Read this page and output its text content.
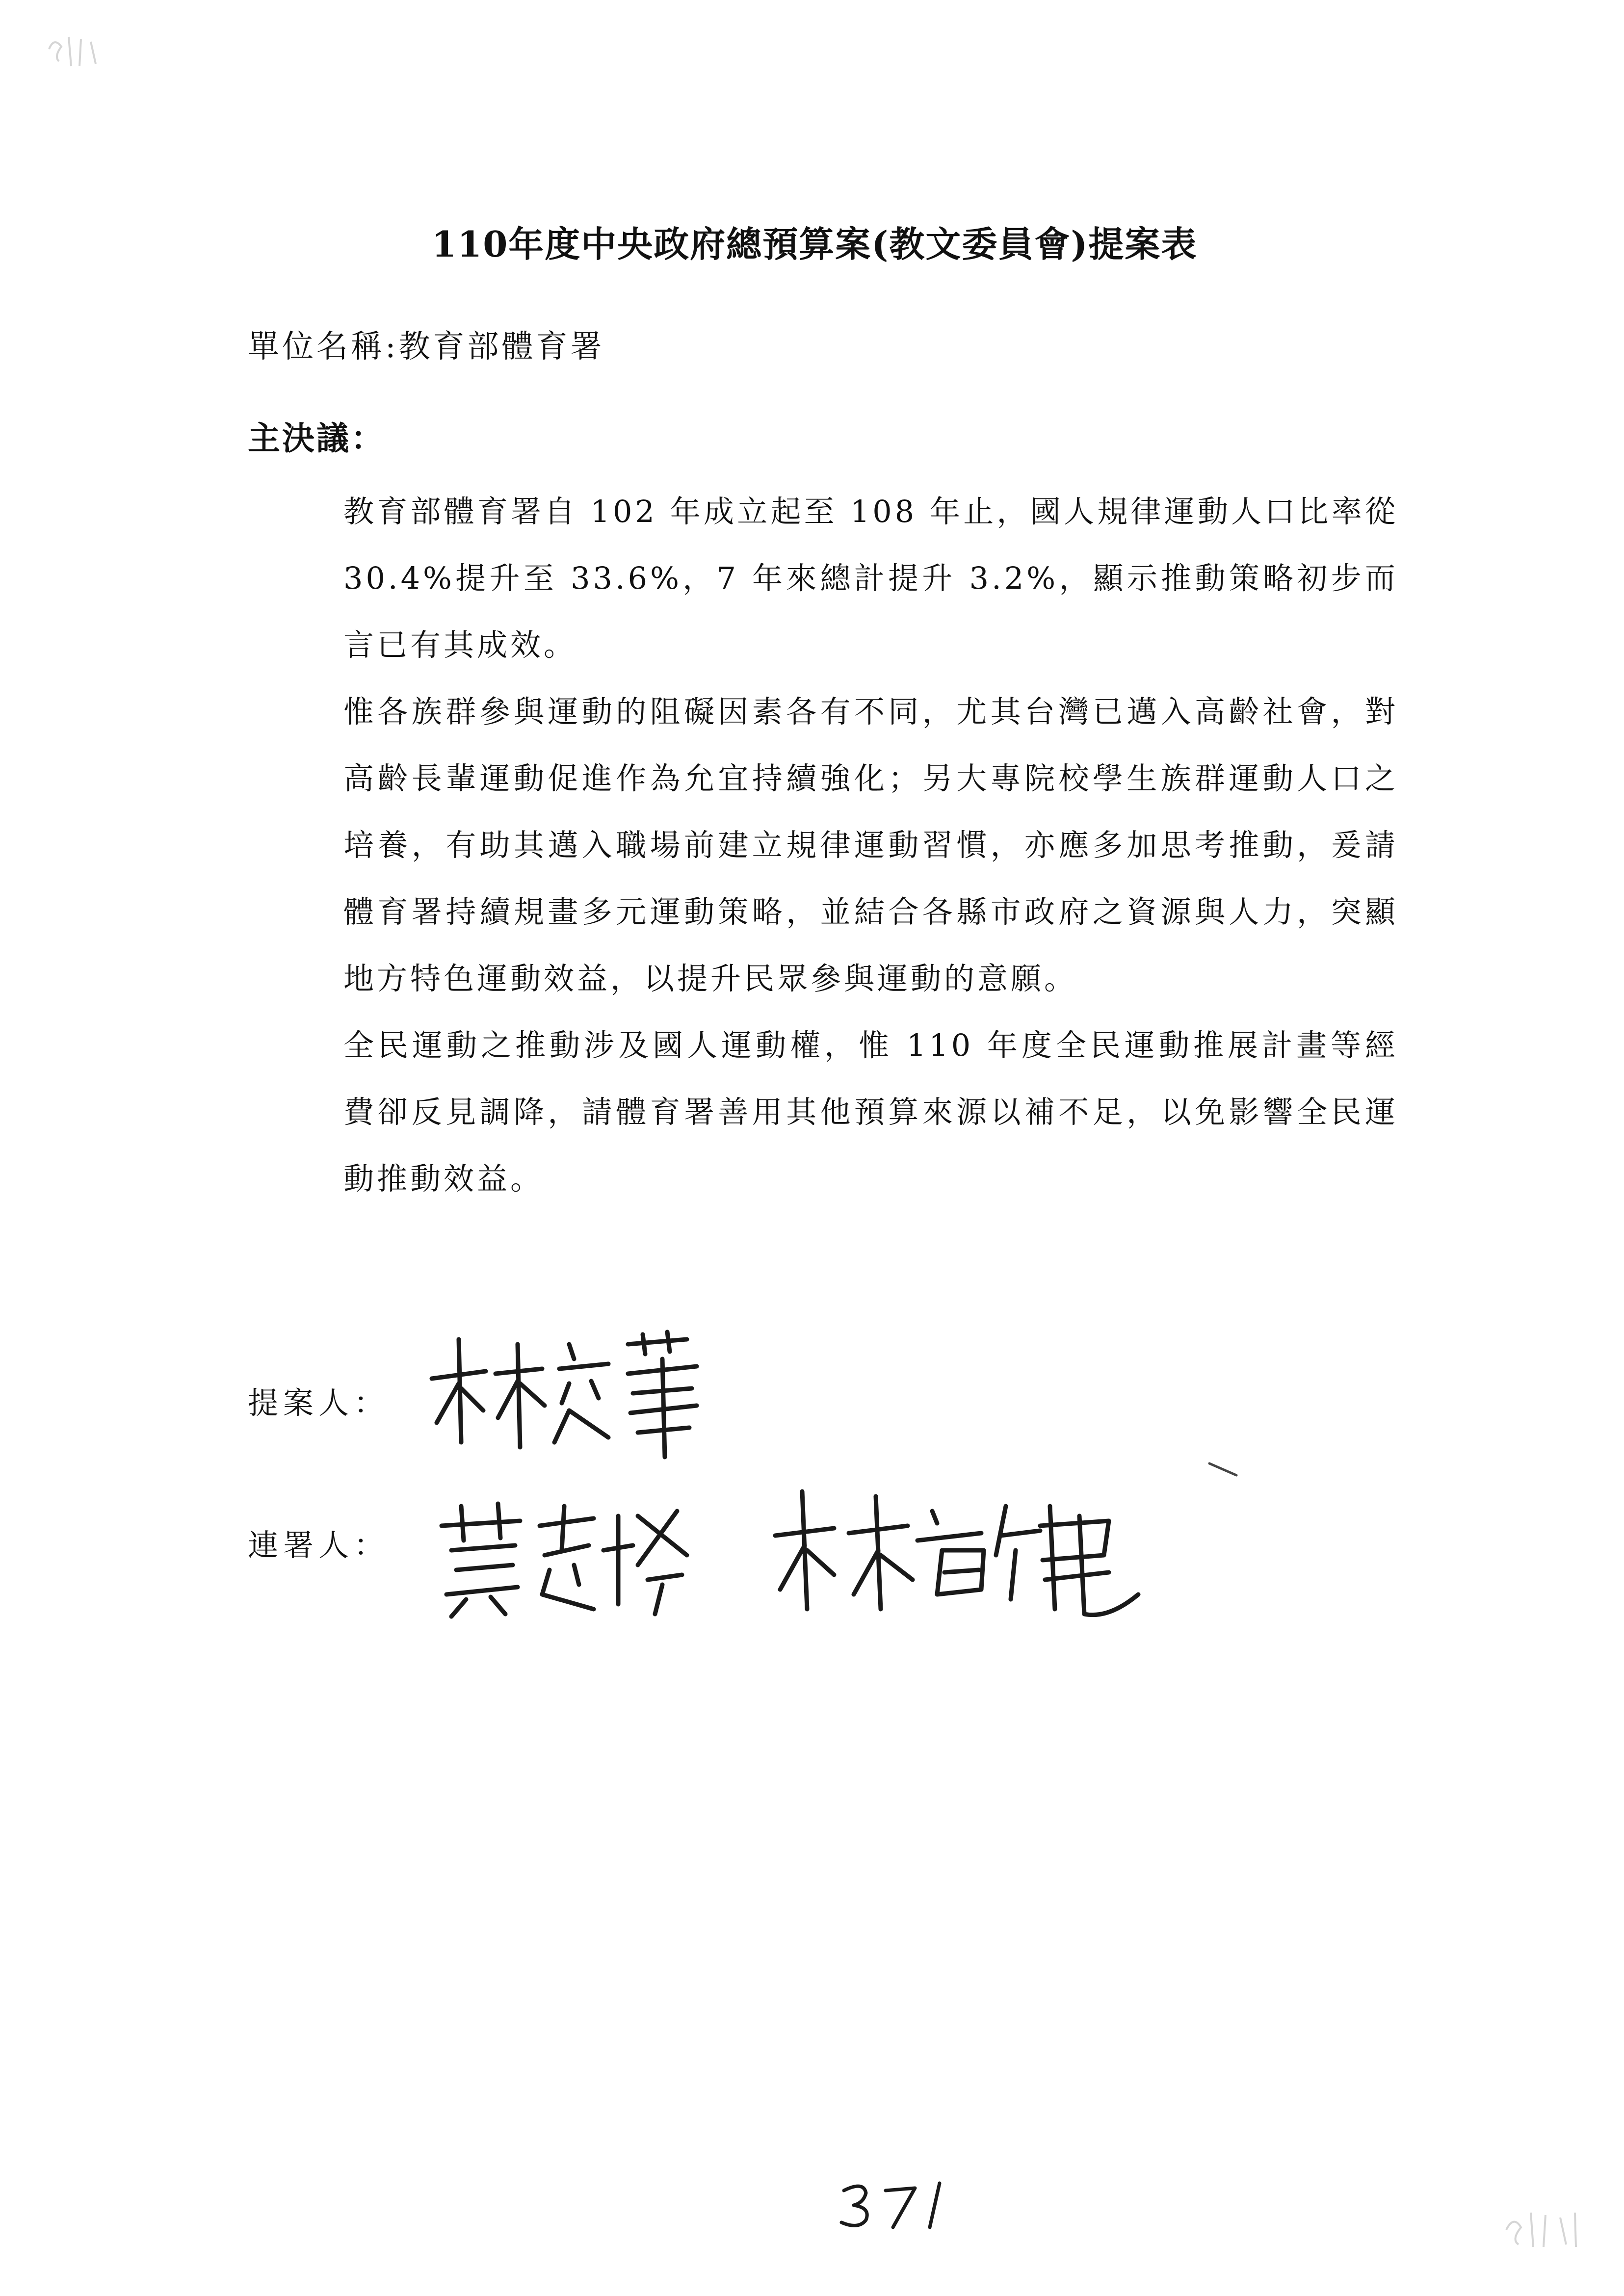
110年度中央政府總預算案(教文委員會)提案表
單位名稱:教育部體育署
主決議：

教育部體育署自 102 年成立起至 108 年止，國人規律運動人口比率從 30.4%提升至 33.6%，7 年來總計提升 3.2%，顯示推動策略初步而言已有其成效。

惟各族群參與運動的阻礙因素各有不同，尤其台灣已邁入高齡社會，對高齡長輩運動促進作為允宜持續強化；另大專院校學生族群運動人口之培養，有助其邁入職場前建立規律運動習慣，亦應多加思考推動，爰請體育署持續規畫多元運動策略，並結合各縣市政府之資源與人力，突顯地方特色運動效益，以提升民眾參與運動的意願。

全民運動之推動涉及國人運動權，惟 110 年度全民運動推展計畫等經費卻反見調降，請體育署善用其他預算來源以補不足，以免影響全民運動推動效益。

提案人：
連署人：
